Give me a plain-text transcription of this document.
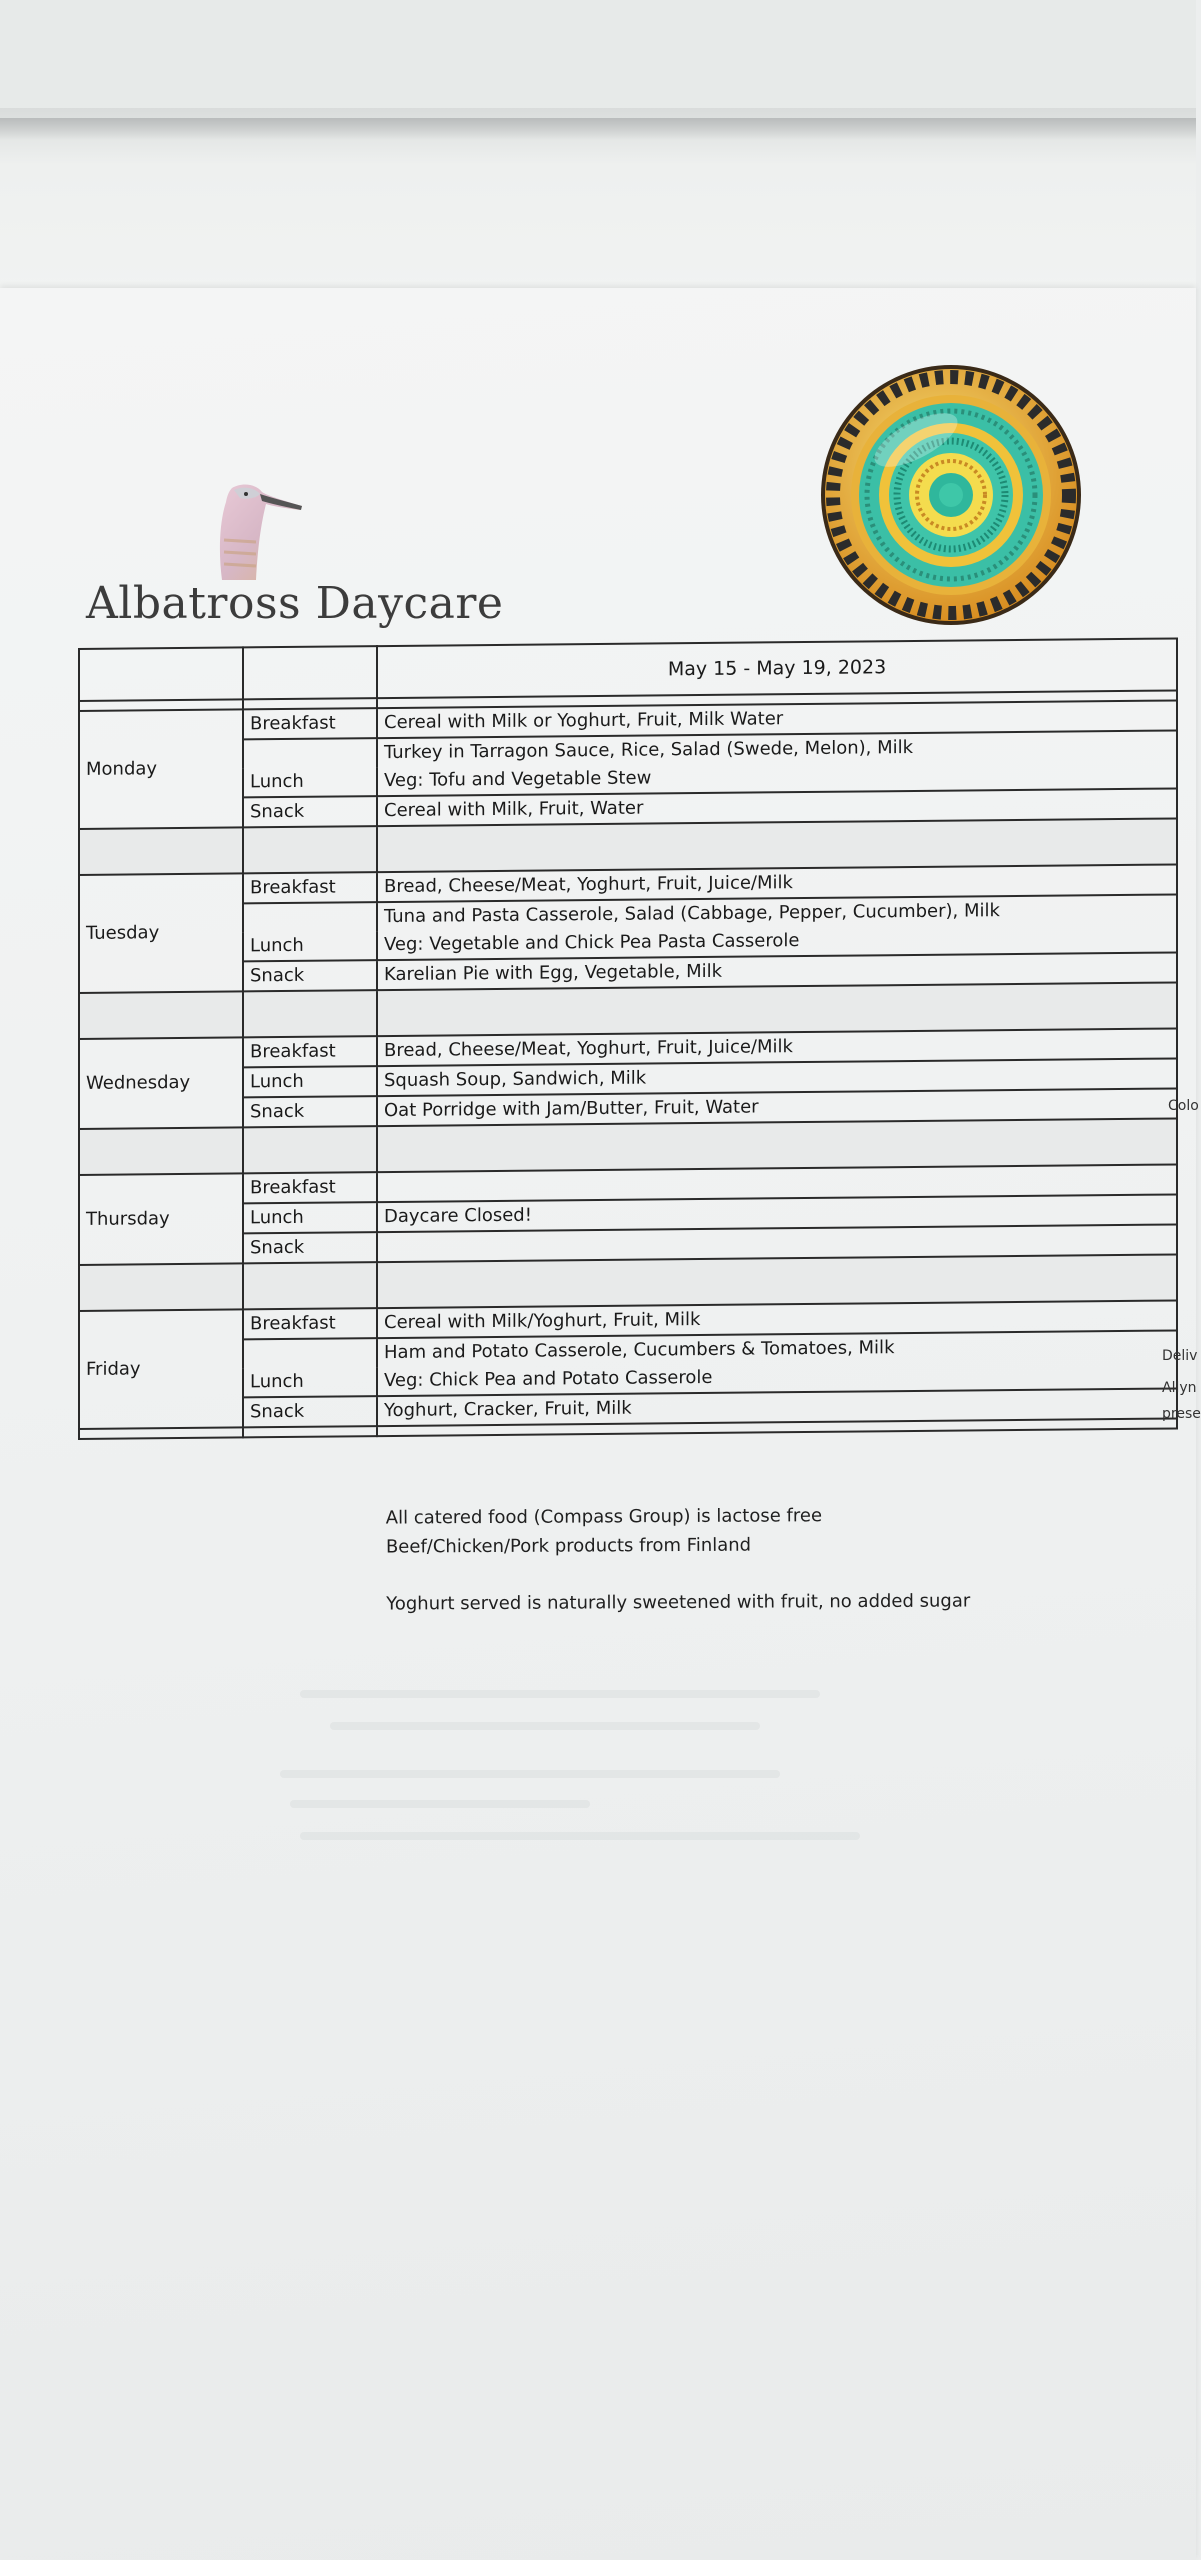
Albatross Daycare
		May 15 - May 19, 2023

Monday	Breakfast	Cereal with Milk or Yoghurt, Fruit, Milk Water
	Lunch	Turkey in Tarragon Sauce, Rice, Salad (Swede, Melon), Milk
		Veg: Tofu and Vegetable Stew
	Snack	Cereal with Milk, Fruit, Water

Tuesday	Breakfast	Bread, Cheese/Meat, Yoghurt, Fruit, Juice/Milk
	Lunch	Tuna and Pasta Casserole, Salad (Cabbage, Pepper, Cucumber), Milk
		Veg: Vegetable and Chick Pea Pasta Casserole
	Snack	Karelian Pie with Egg, Vegetable, Milk

Wednesday	Breakfast	Bread, Cheese/Meat, Yoghurt, Fruit, Juice/Milk
	Lunch	Squash Soup, Sandwich, Milk
	Snack	Oat Porridge with Jam/Butter, Fruit, Water

Thursday	Breakfast	
	Lunch	Daycare Closed!
	Snack	

Friday	Breakfast	Cereal with Milk/Yoghurt, Fruit, Milk
	Lunch	Ham and Potato Casserole, Cucumbers & Tomatoes, Milk
		Veg: Chick Pea and Potato Casserole
	Snack	Yoghurt, Cracker, Fruit, Milk

Colo
Deliv
Allyn
prese
All catered food (Compass Group) is lactose free
Beef/Chicken/Pork products from Finland
Yoghurt served is naturally sweetened with fruit, no added sugar
